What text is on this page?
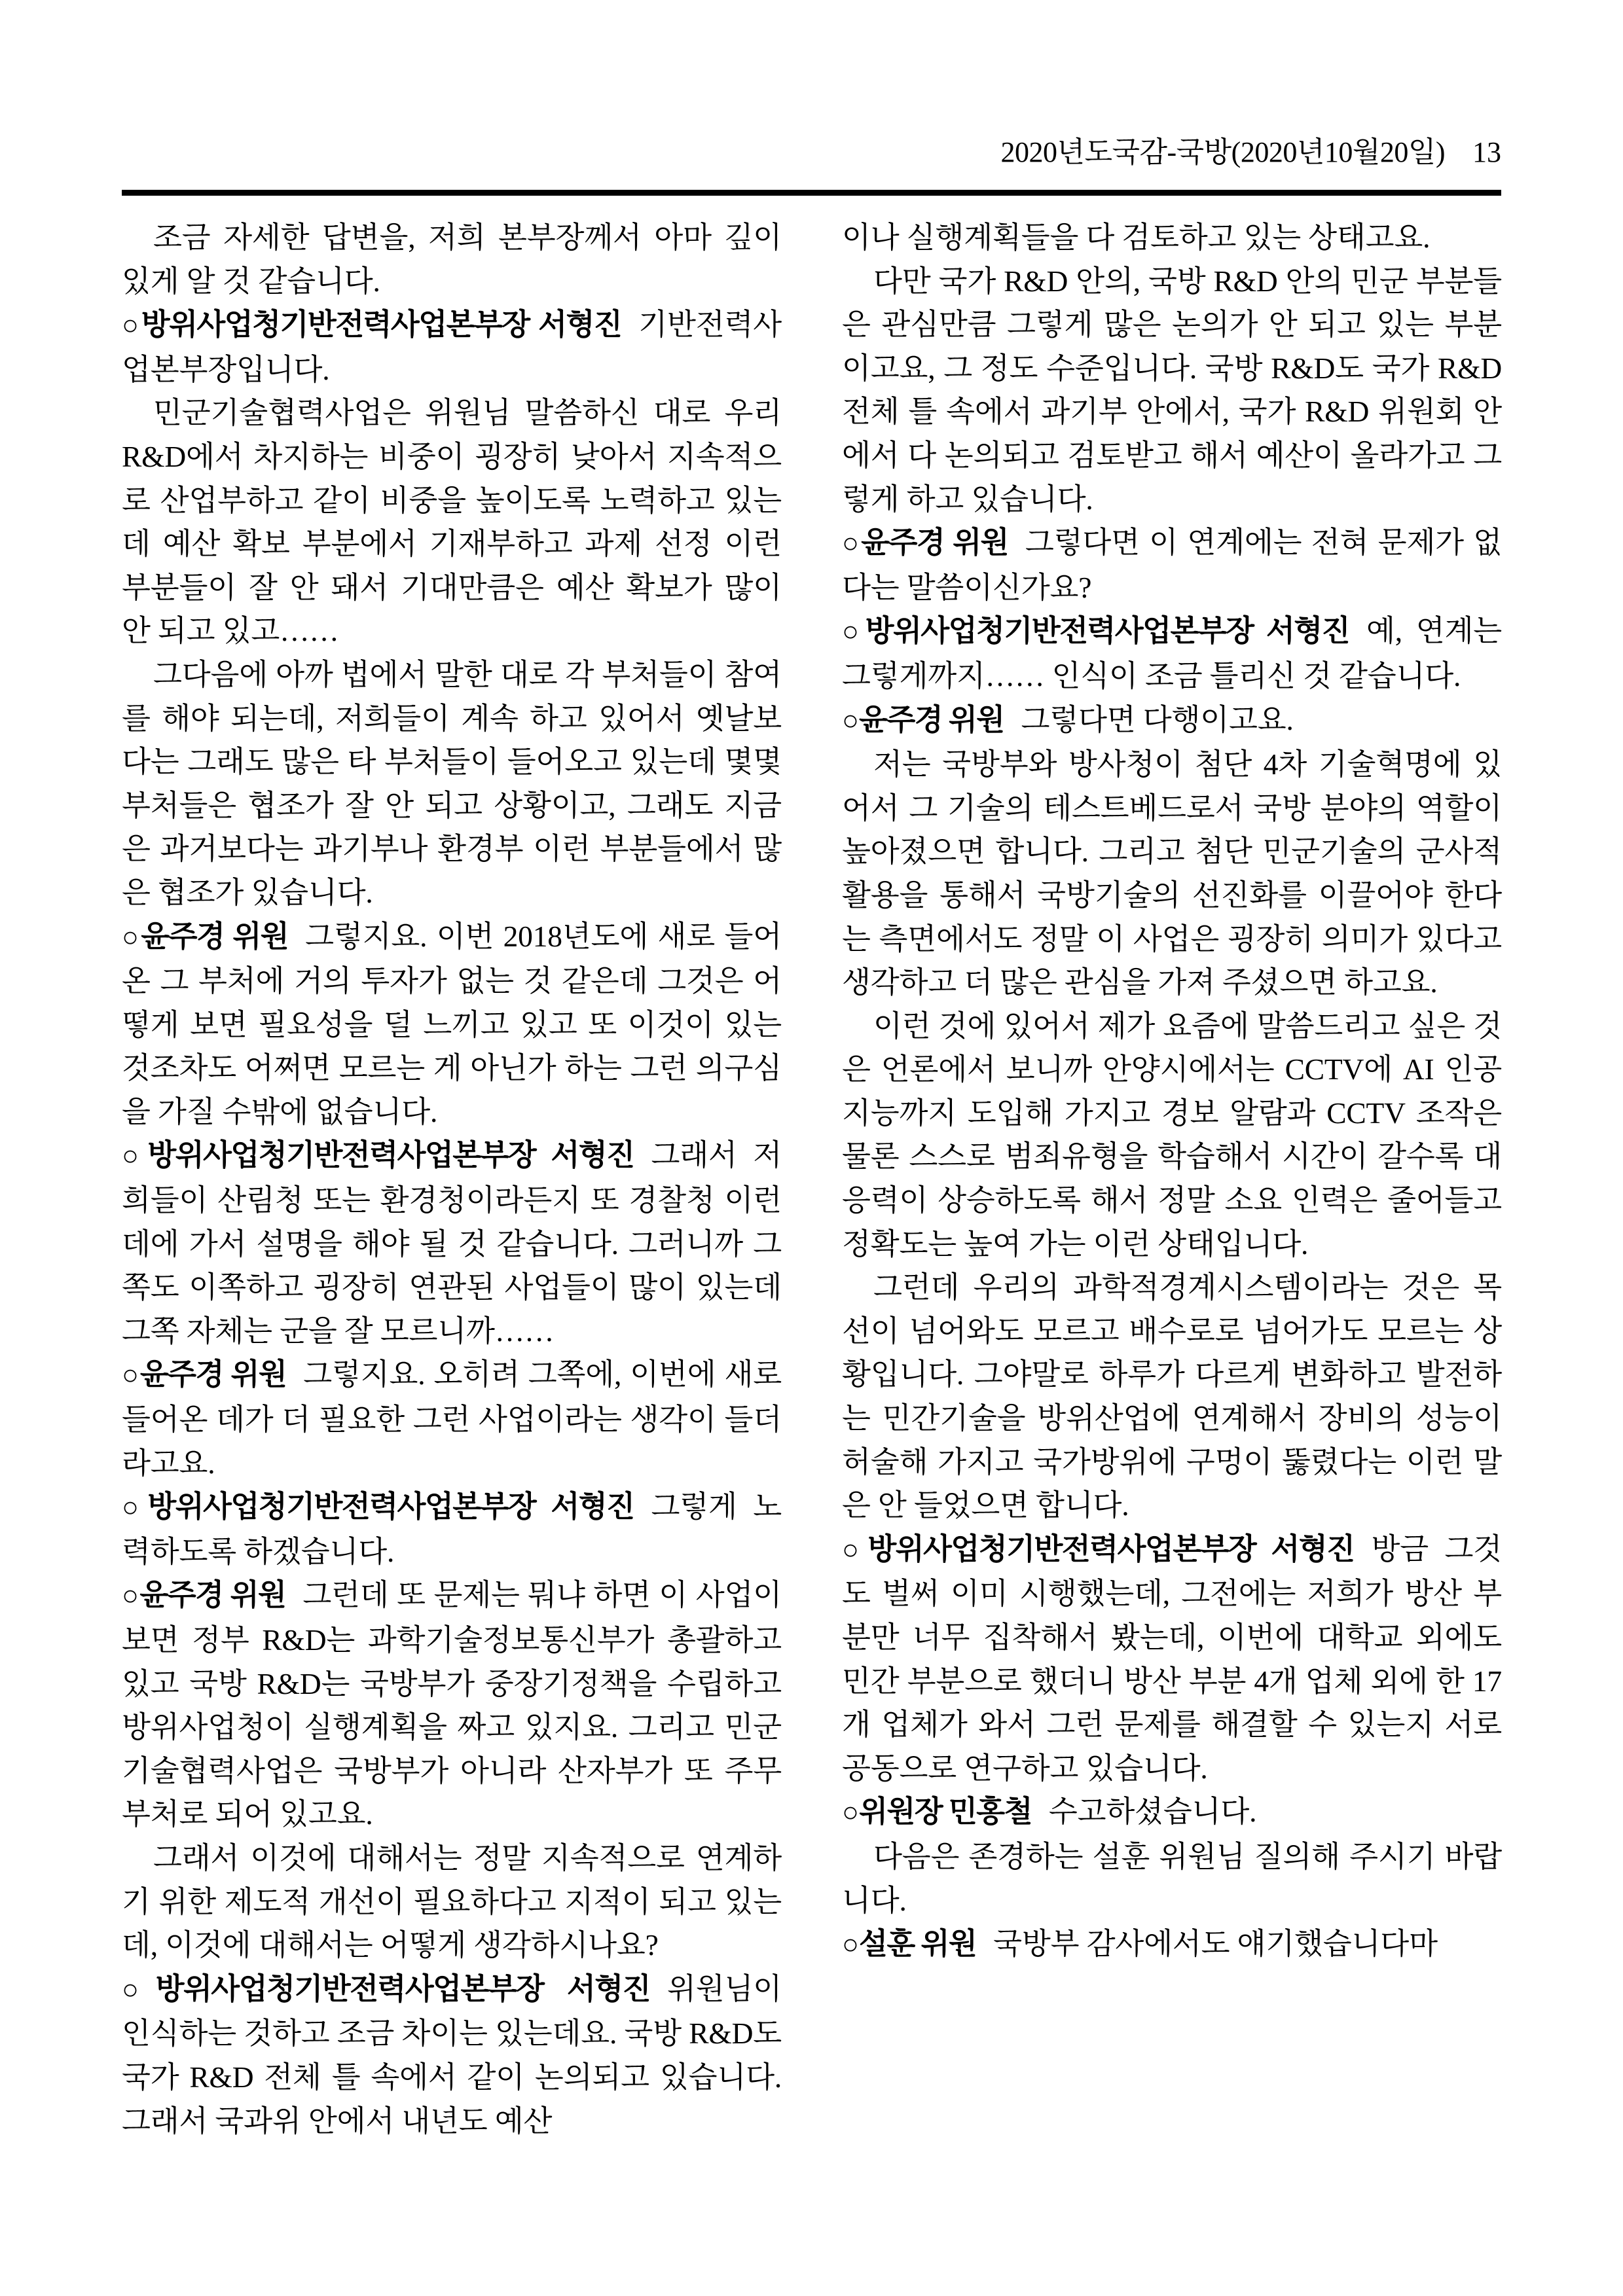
2020년도국감-국방(2020년10월20일) 13

조금 자세한 답변을, 저희 본부장께서 아마 깊이 있게 알 것 같습니다.

○방위사업청기반전력사업본부장 서형진 기반전력사업본부장입니다.

민군기술협력사업은 위원님 말씀하신 대로 우리 R&D에서 차지하는 비중이 굉장히 낮아서 지속적으로 산업부하고 같이 비중을 높이도록 노력하고 있는데 예산 확보 부분에서 기재부하고 과제 선정 이런 부분들이 잘 안 돼서 기대만큼은 예산 확보가 많이 안 되고 있고……

그다음에 아까 법에서 말한 대로 각 부처들이 참여를 해야 되는데, 저희들이 계속 하고 있어서 옛날보다는 그래도 많은 타 부처들이 들어오고 있는데 몇몇 부처들은 협조가 잘 안 되고 상황이고, 그래도 지금은 과거보다는 과기부나 환경부 이런 부분들에서 많은 협조가 있습니다.

○윤주경 위원 그렇지요. 이번 2018년도에 새로 들어온 그 부처에 거의 투자가 없는 것 같은데 그것은 어떻게 보면 필요성을 덜 느끼고 있고 또 이것이 있는 것조차도 어쩌면 모르는 게 아닌가 하는 그런 의구심을 가질 수밖에 없습니다.

○방위사업청기반전력사업본부장 서형진 그래서 저희들이 산림청 또는 환경청이라든지 또 경찰청 이런 데에 가서 설명을 해야 될 것 같습니다. 그러니까 그쪽도 이쪽하고 굉장히 연관된 사업들이 많이 있는데 그쪽 자체는 군을 잘 모르니까……

○윤주경 위원 그렇지요. 오히려 그쪽에, 이번에 새로 들어온 데가 더 필요한 그런 사업이라는 생각이 들더라고요.

○방위사업청기반전력사업본부장 서형진 그렇게 노력하도록 하겠습니다.

○윤주경 위원 그런데 또 문제는 뭐냐 하면 이 사업이 보면 정부 R&D는 과학기술정보통신부가 총괄하고 있고 국방 R&D는 국방부가 중장기정책을 수립하고 방위사업청이 실행계획을 짜고 있지요. 그리고 민군기술협력사업은 국방부가 아니라 산자부가 또 주무 부처로 되어 있고요.

그래서 이것에 대해서는 정말 지속적으로 연계하기 위한 제도적 개선이 필요하다고 지적이 되고 있는데, 이것에 대해서는 어떻게 생각하시나요?

○방위사업청기반전력사업본부장 서형진 위원님이 인식하는 것하고 조금 차이는 있는데요. 국방 R&D도 국가 R&D 전체 틀 속에서 같이 논의되고 있습니다. 그래서 국과위 안에서 내년도 예산

이나 실행계획들을 다 검토하고 있는 상태고요.

다만 국가 R&D 안의, 국방 R&D 안의 민군 부분들은 관심만큼 그렇게 많은 논의가 안 되고 있는 부분이고요, 그 정도 수준입니다. 국방 R&D도 국가 R&D 전체 틀 속에서 과기부 안에서, 국가 R&D 위원회 안에서 다 논의되고 검토받고 해서 예산이 올라가고 그렇게 하고 있습니다.

○윤주경 위원 그렇다면 이 연계에는 전혀 문제가 없다는 말씀이신가요?

○방위사업청기반전력사업본부장 서형진 예, 연계는 그렇게까지…… 인식이 조금 틀리신 것 같습니다.

○윤주경 위원 그렇다면 다행이고요.

저는 국방부와 방사청이 첨단 4차 기술혁명에 있어서 그 기술의 테스트베드로서 국방 분야의 역할이 높아졌으면 합니다. 그리고 첨단 민군기술의 군사적 활용을 통해서 국방기술의 선진화를 이끌어야 한다는 측면에서도 정말 이 사업은 굉장히 의미가 있다고 생각하고 더 많은 관심을 가져 주셨으면 하고요.

이런 것에 있어서 제가 요즘에 말씀드리고 싶은 것은 언론에서 보니까 안양시에서는 CCTV에 AI 인공지능까지 도입해 가지고 경보 알람과 CCTV 조작은 물론 스스로 범죄유형을 학습해서 시간이 갈수록 대응력이 상승하도록 해서 정말 소요 인력은 줄어들고 정확도는 높여 가는 이런 상태입니다.

그런데 우리의 과학적경계시스템이라는 것은 목선이 넘어와도 모르고 배수로로 넘어가도 모르는 상황입니다. 그야말로 하루가 다르게 변화하고 발전하는 민간기술을 방위산업에 연계해서 장비의 성능이 허술해 가지고 국가방위에 구멍이 뚫렸다는 이런 말은 안 들었으면 합니다.

○방위사업청기반전력사업본부장 서형진 방금 그것도 벌써 이미 시행했는데, 그전에는 저희가 방산 부분만 너무 집착해서 봤는데, 이번에 대학교 외에도 민간 부분으로 했더니 방산 부분 4개 업체 외에 한 17개 업체가 와서 그런 문제를 해결할 수 있는지 서로 공동으로 연구하고 있습니다.

○위원장 민홍철 수고하셨습니다.

다음은 존경하는 설훈 위원님 질의해 주시기 바랍니다.

○설훈 위원 국방부 감사에서도 얘기했습니다마
